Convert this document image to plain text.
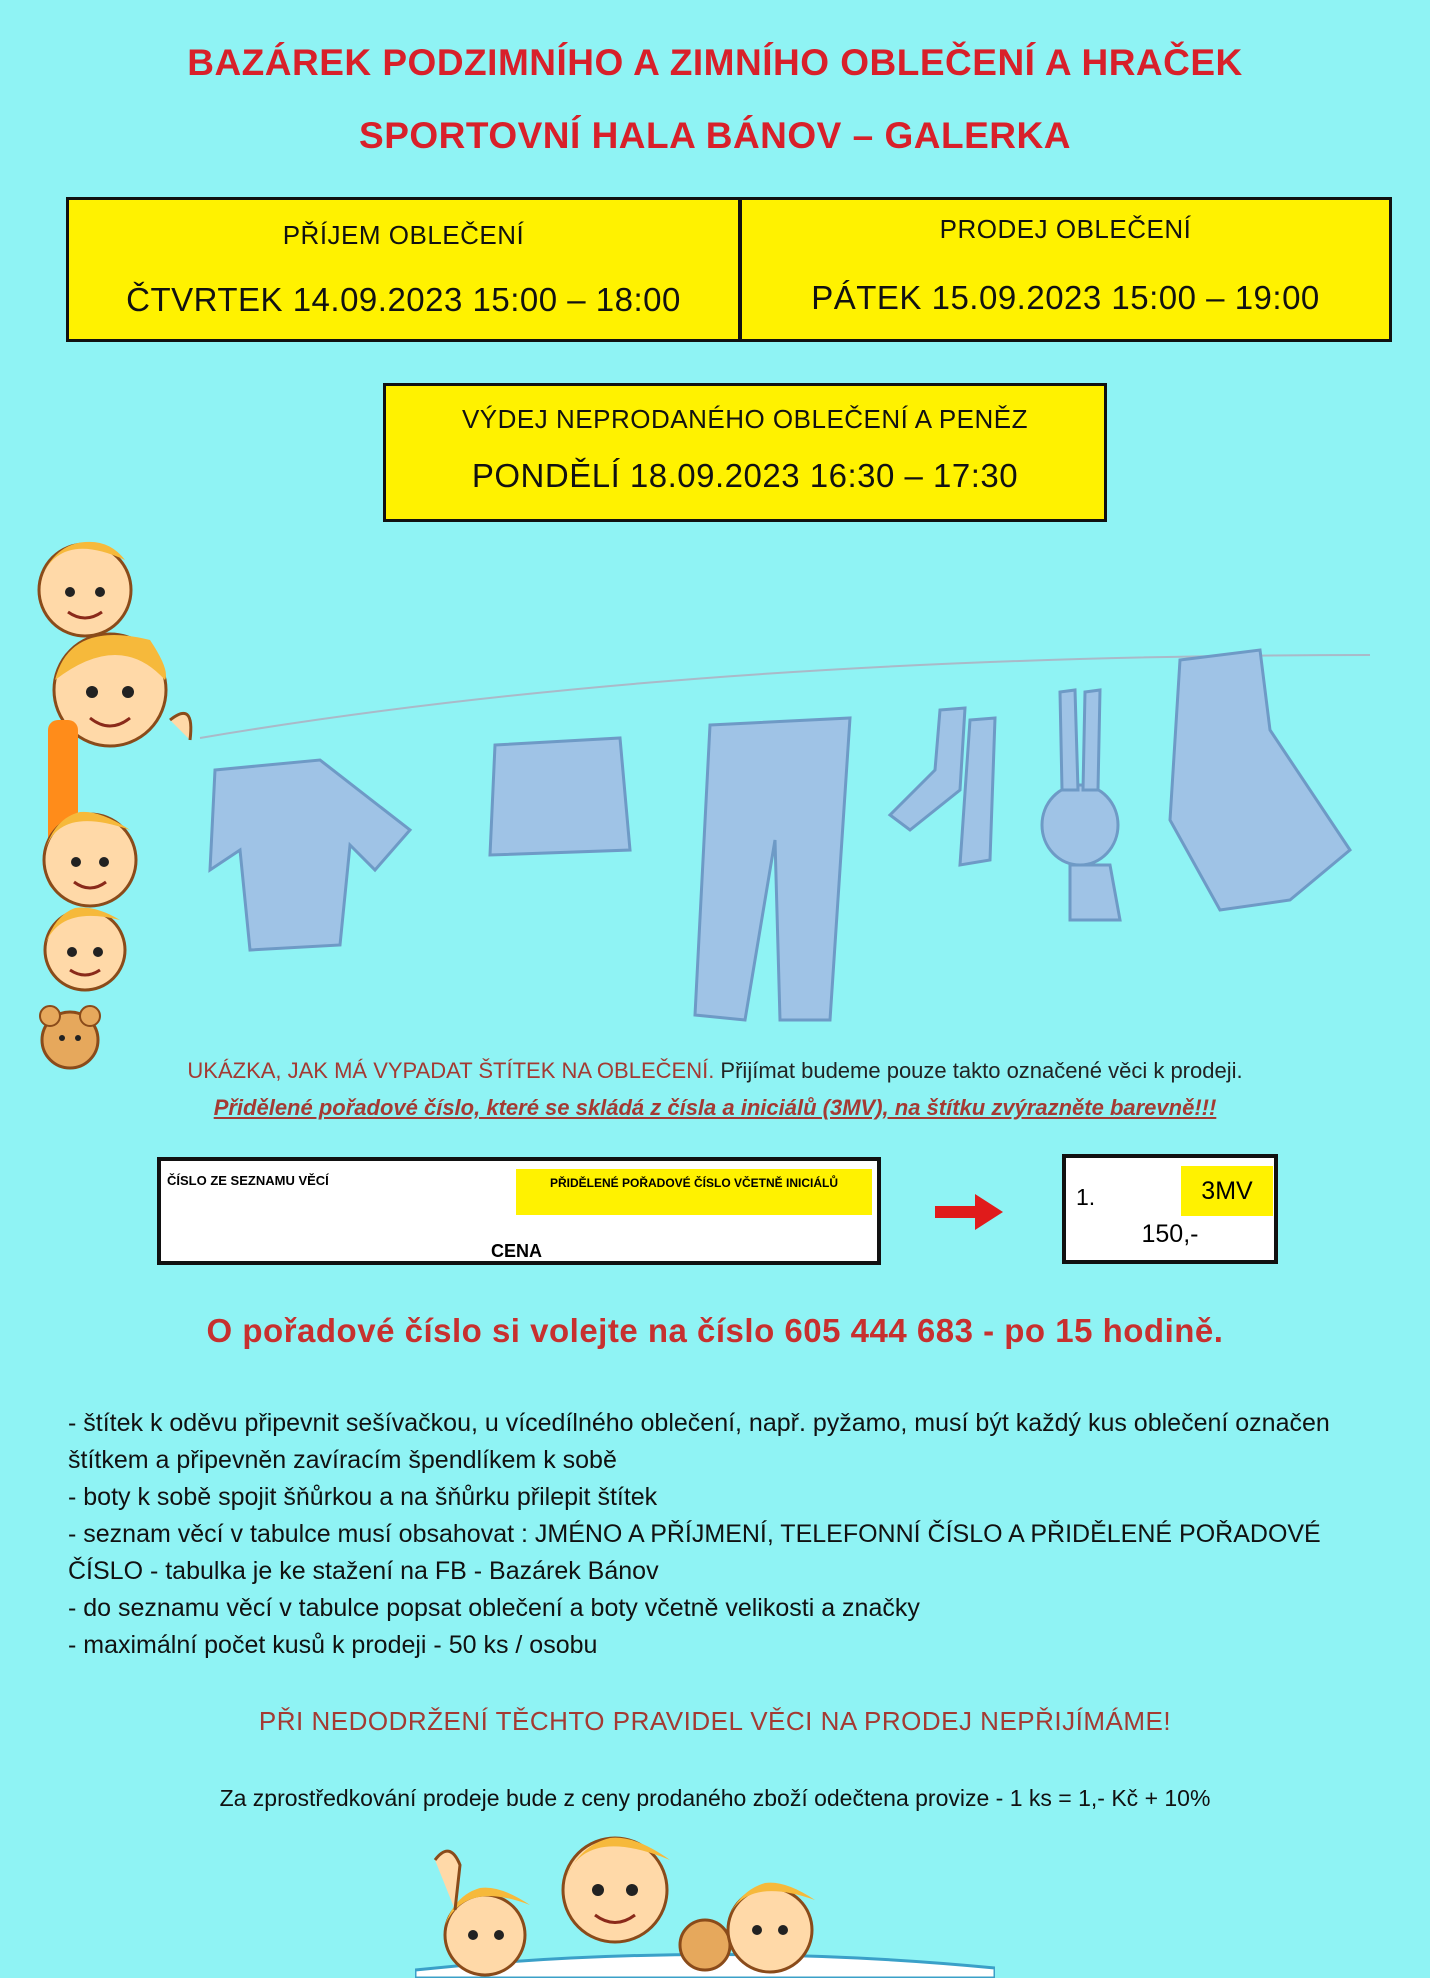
BAZÁREK PODZIMNÍHO A ZIMNÍHO OBLEČENÍ A HRAČEK
SPORTOVNÍ HALA BÁNOV – GALERKA
PŘÍJEM OBLEČENÍ
ČTVRTEK 14.09.2023 15:00 – 18:00
PRODEJ OBLEČENÍ
PÁTEK 15.09.2023 15:00 – 19:00
VÝDEJ NEPRODANÉHO OBLEČENÍ A PENĚZ
PONDĚLÍ 18.09.2023 16:30 – 17:30
UKÁZKA, JAK MÁ VYPADAT ŠTÍTEK NA OBLEČENÍ. Přijímat budeme pouze takto označené věci k prodeji.
Přidělené pořadové číslo, které se skládá z čísla a iniciálů (3MV), na štítku zvýrazněte barevně!!!
ČÍSLO ZE SEZNAMU VĚCÍ	PŘIDĚLENÉ POŘADOVÉ ČÍSLO VČETNĚ INICIÁLŮ
CENA
1.	3MV
150,-
O pořadové číslo si volejte na číslo 605 444 683 - po 15 hodině.
- štítek k oděvu připevnit sešívačkou, u vícedílného oblečení, např. pyžamo, musí být každý kus oblečení označen štítkem a připevněn zavíracím špendlíkem k sobě
- boty k sobě spojit šňůrkou a na šňůrku přilepit štítek
- seznam věcí v tabulce musí obsahovat : JMÉNO A PŘÍJMENÍ, TELEFONNÍ ČÍSLO A PŘIDĚLENÉ POŘADOVÉ ČÍSLO - tabulka je ke stažení na FB - Bazárek Bánov
- do seznamu věcí v tabulce popsat oblečení a boty včetně velikosti a značky
- maximální počet kusů k prodeji - 50 ks / osobu
PŘI NEDODRŽENÍ TĚCHTO PRAVIDEL VĚCI NA PRODEJ NEPŘIJÍMÁME!
Za zprostředkování prodeje bude z ceny prodaného zboží odečtena provize - 1 ks = 1,- Kč + 10%
